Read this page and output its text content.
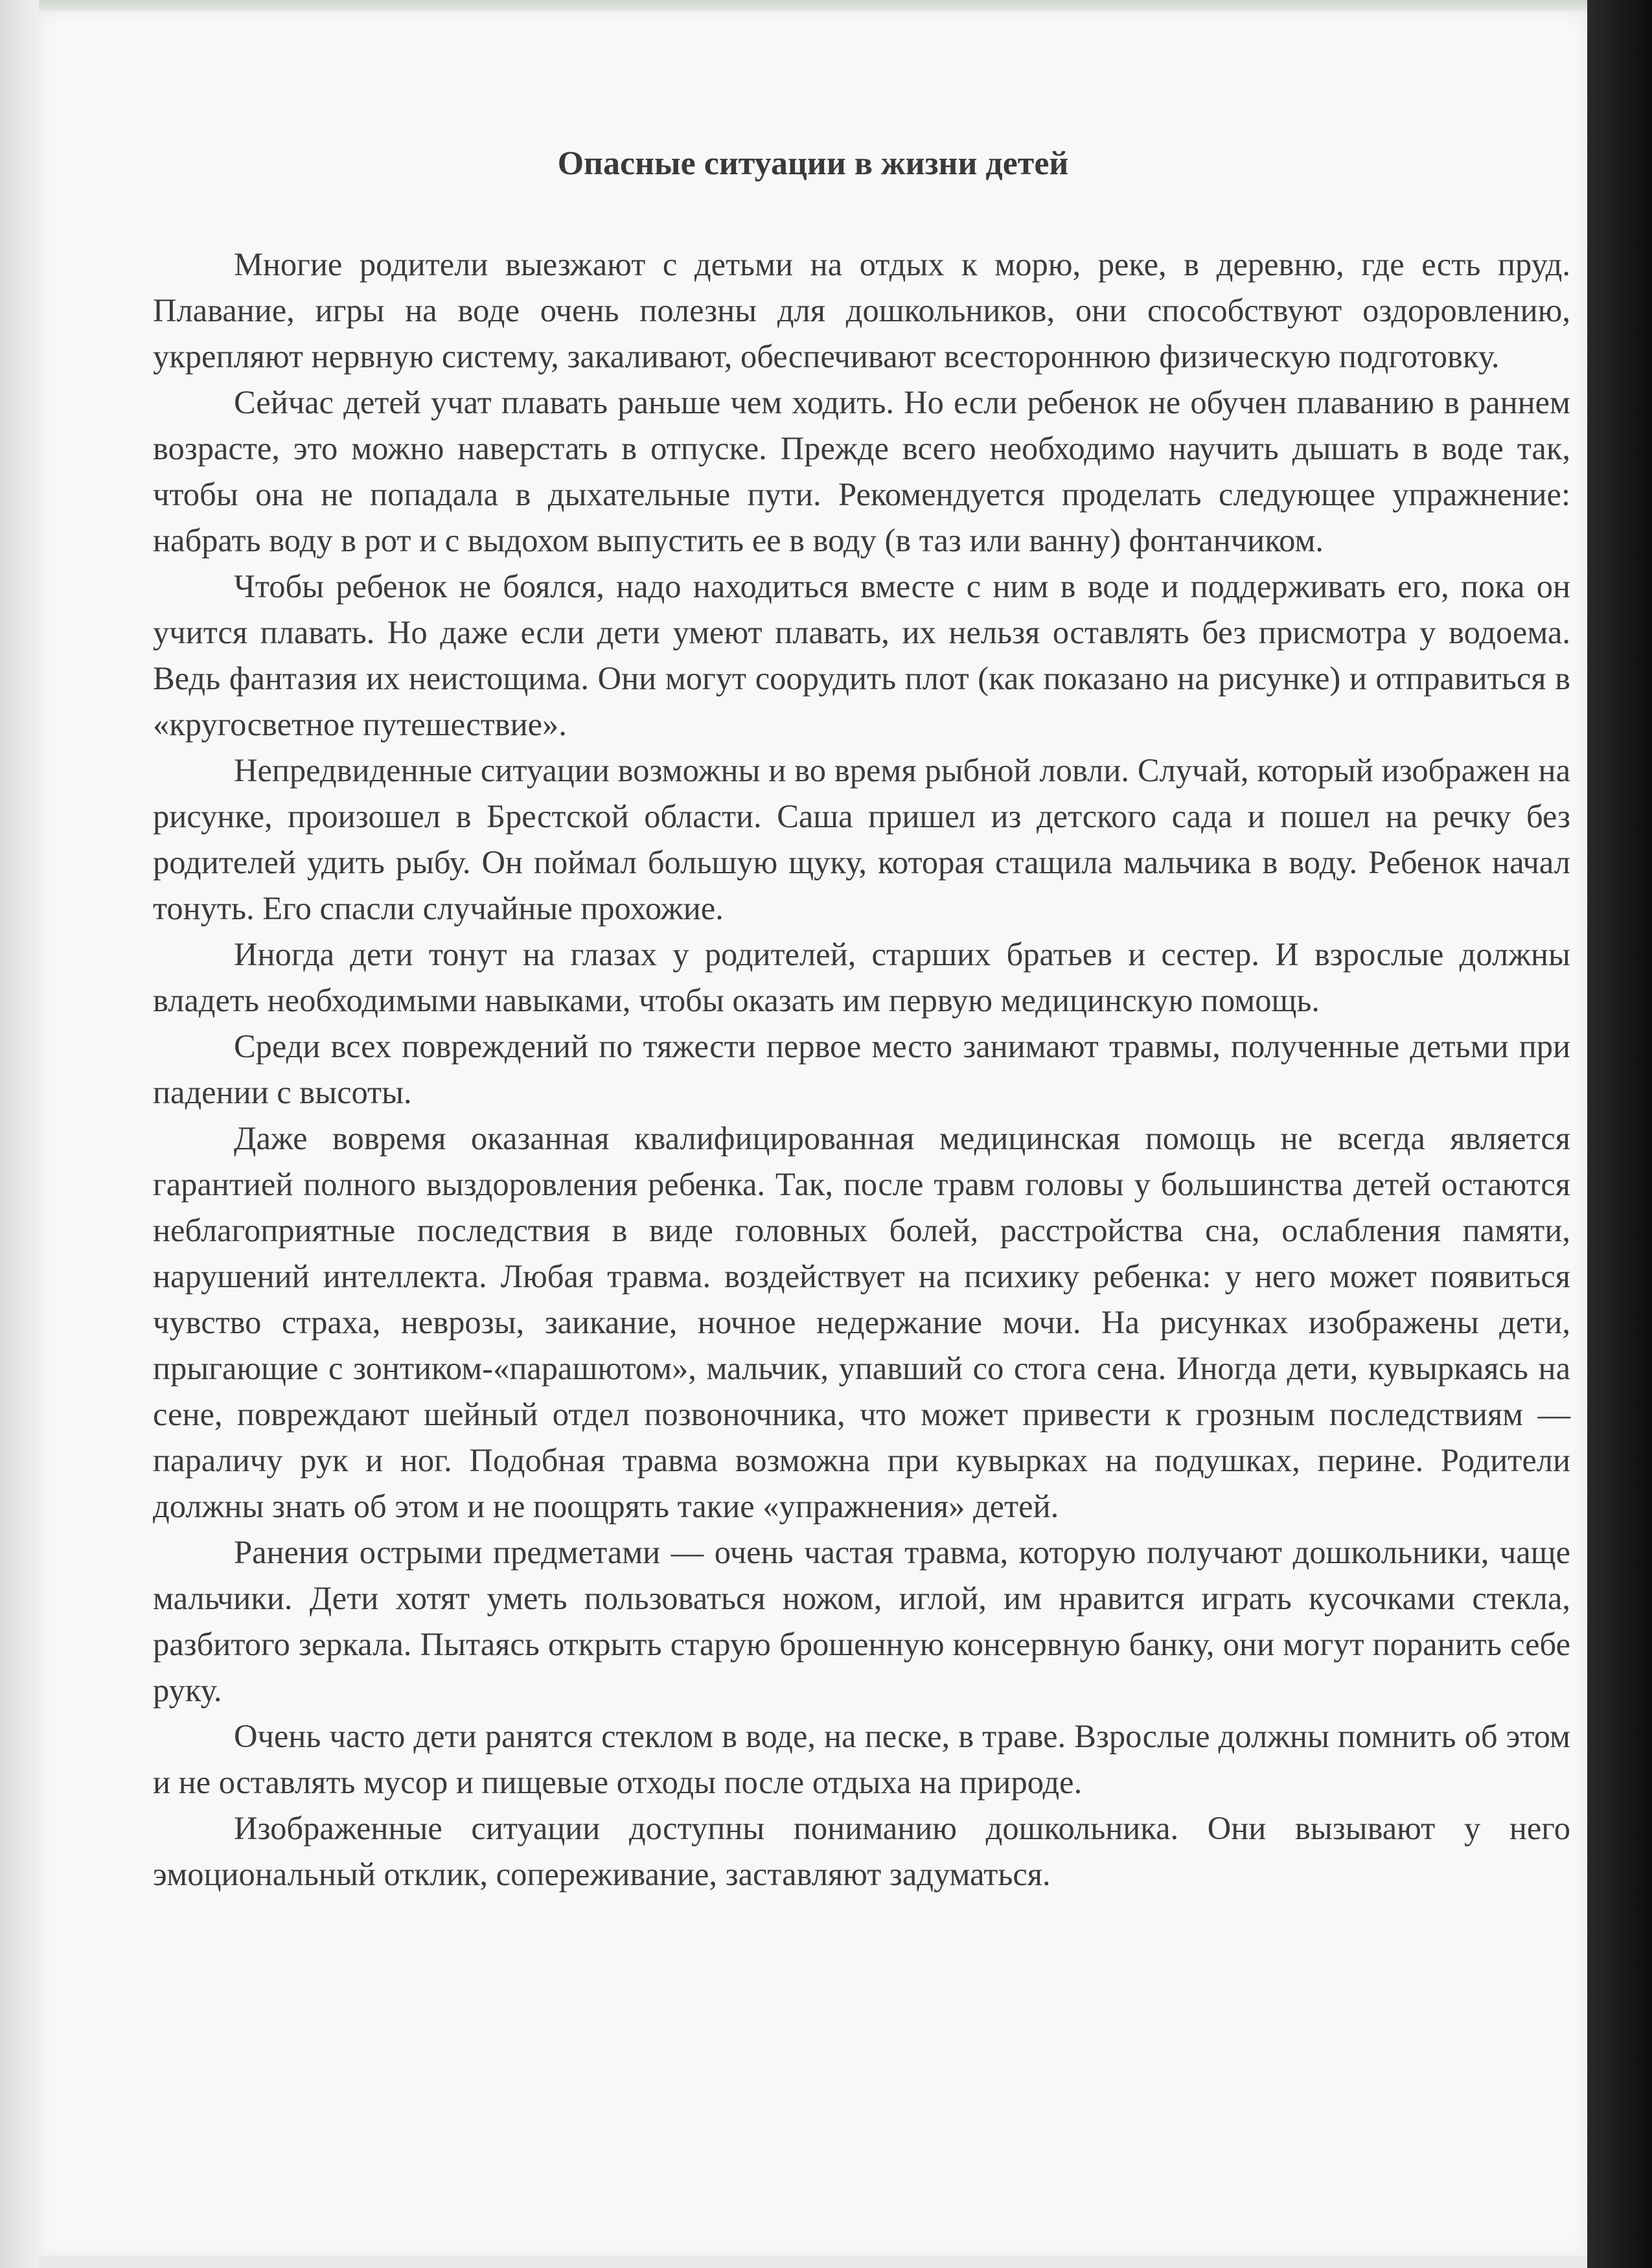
Опасные ситуации в жизни детей

Многие родители выезжают с детьми на отдых к морю, реке, в деревню, где есть пруд. Плавание, игры на воде очень полезны для дошкольников, они способствуют оздоровлению, укрепляют нервную систему, закаливают, обеспечивают всестороннюю физическую подготовку.

Сейчас детей учат плавать раньше чем ходить. Но если ребенок не обучен плаванию в раннем возрасте, это можно наверстать в отпуске. Прежде всего необходимо научить дышать в воде так, чтобы она не попадала в дыхательные пути. Рекомендуется проделать следующее упражнение: набрать воду в рот и с выдохом выпустить ее в воду (в таз или ванну) фонтанчиком.

Чтобы ребенок не боялся, надо находиться вместе с ним в воде и поддерживать его, пока он учится плавать. Но даже если дети умеют плавать, их нельзя оставлять без присмотра у водоема. Ведь фантазия их неистощима. Они могут соорудить плот (как показано на рисунке) и отправиться в «кругосветное путешествие».

Непредвиденные ситуации возможны и во время рыбной ловли. Случай, который изображен на рисунке, произошел в Брестской области. Саша пришел из детского сада и пошел на речку без родителей удить рыбу. Он поймал большую щуку, которая стащила мальчика в воду. Ребенок начал тонуть. Его спасли случайные прохожие.

Иногда дети тонут на глазах у родителей, старших братьев и сестер. И взрослые должны владеть необходимыми навыками, чтобы оказать им первую медицинскую помощь.

Среди всех повреждений по тяжести первое место занимают травмы, полученные детьми при падении с высоты.

Даже вовремя оказанная квалифицированная медицинская помощь не всегда является гарантией полного выздоровления ребенка. Так, после травм головы у большинства детей остаются неблагоприятные последствия в виде головных болей, расстройства сна, ослабления памяти, нарушений интеллекта. Любая травма. воздействует на психику ребенка: у него может появиться чувство страха, неврозы, заикание, ночное недержание мочи. На рисунках изображены дети, прыгающие с зонтиком-«парашютом», мальчик, упавший со стога сена. Иногда дети, кувыркаясь на сене, повреждают шейный отдел позвоночника, что может привести к грозным последствиям — параличу рук и ног. Подобная травма возможна при кувырках на подушках, перине. Родители должны знать об этом и не поощрять такие «упражнения» детей.

Ранения острыми предметами — очень частая травма, которую получают дошкольники, чаще мальчики. Дети хотят уметь пользоваться ножом, иглой, им нравится играть кусочками стекла, разбитого зеркала. Пытаясь открыть старую брошенную консервную банку, они могут поранить себе руку.

Очень часто дети ранятся стеклом в воде, на песке, в траве. Взрослые должны помнить об этом и не оставлять мусор и пищевые отходы после отдыха на природе.

Изображенные ситуации доступны пониманию дошкольника. Они вызывают у него эмоциональный отклик, сопереживание, заставляют задуматься.
